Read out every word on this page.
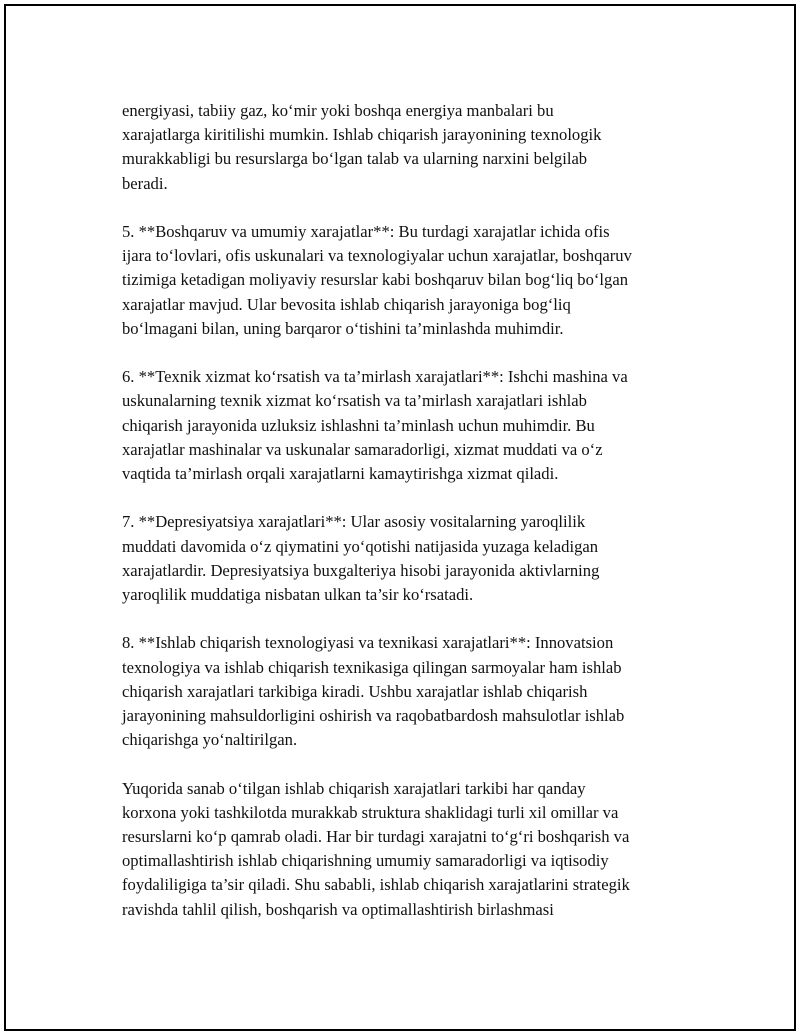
energiyasi, tabiiy gaz, ko‘mir yoki boshqa energiya manbalari bu
xarajatlarga kiritilishi mumkin. Ishlab chiqarish jarayonining texnologik
murakkabligi bu resurslarga bo‘lgan talab va ularning narxini belgilab
beradi.

5. **Boshqaruv va umumiy xarajatlar**: Bu turdagi xarajatlar ichida ofis
ijara to‘lovlari, ofis uskunalari va texnologiyalar uchun xarajatlar, boshqaruv
tizimiga ketadigan moliyaviy resurslar kabi boshqaruv bilan bog‘liq bo‘lgan
xarajatlar mavjud. Ular bevosita ishlab chiqarish jarayoniga bog‘liq
bo‘lmagani bilan, uning barqaror o‘tishini ta’minlashda muhimdir.

6. **Texnik xizmat ko‘rsatish va ta’mirlash xarajatlari**: Ishchi mashina va
uskunalarning texnik xizmat ko‘rsatish va ta’mirlash xarajatlari ishlab
chiqarish jarayonida uzluksiz ishlashni ta’minlash uchun muhimdir. Bu
xarajatlar mashinalar va uskunalar samaradorligi, xizmat muddati va o‘z
vaqtida ta’mirlash orqali xarajatlarni kamaytirishga xizmat qiladi.

7. **Depresiyatsiya xarajatlari**: Ular asosiy vositalarning yaroqlilik
muddati davomida o‘z qiymatini yo‘qotishi natijasida yuzaga keladigan
xarajatlardir. Depresiyatsiya buxgalteriya hisobi jarayonida aktivlarning
yaroqlilik muddatiga nisbatan ulkan ta’sir ko‘rsatadi.

8. **Ishlab chiqarish texnologiyasi va texnikasi xarajatlari**: Innovatsion
texnologiya va ishlab chiqarish texnikasiga qilingan sarmoyalar ham ishlab
chiqarish xarajatlari tarkibiga kiradi. Ushbu xarajatlar ishlab chiqarish
jarayonining mahsuldorligini oshirish va raqobatbardosh mahsulotlar ishlab
chiqarishga yo‘naltirilgan.

Yuqorida sanab o‘tilgan ishlab chiqarish xarajatlari tarkibi har qanday
korxona yoki tashkilotda murakkab struktura shaklidagi turli xil omillar va
resurslarni ko‘p qamrab oladi. Har bir turdagi xarajatni to‘g‘ri boshqarish va
optimallashtirish ishlab chiqarishning umumiy samaradorligi va iqtisodiy
foydaliligiga ta’sir qiladi. Shu sababli, ishlab chiqarish xarajatlarini strategik
ravishda tahlil qilish, boshqarish va optimallashtirish birlashmasi
